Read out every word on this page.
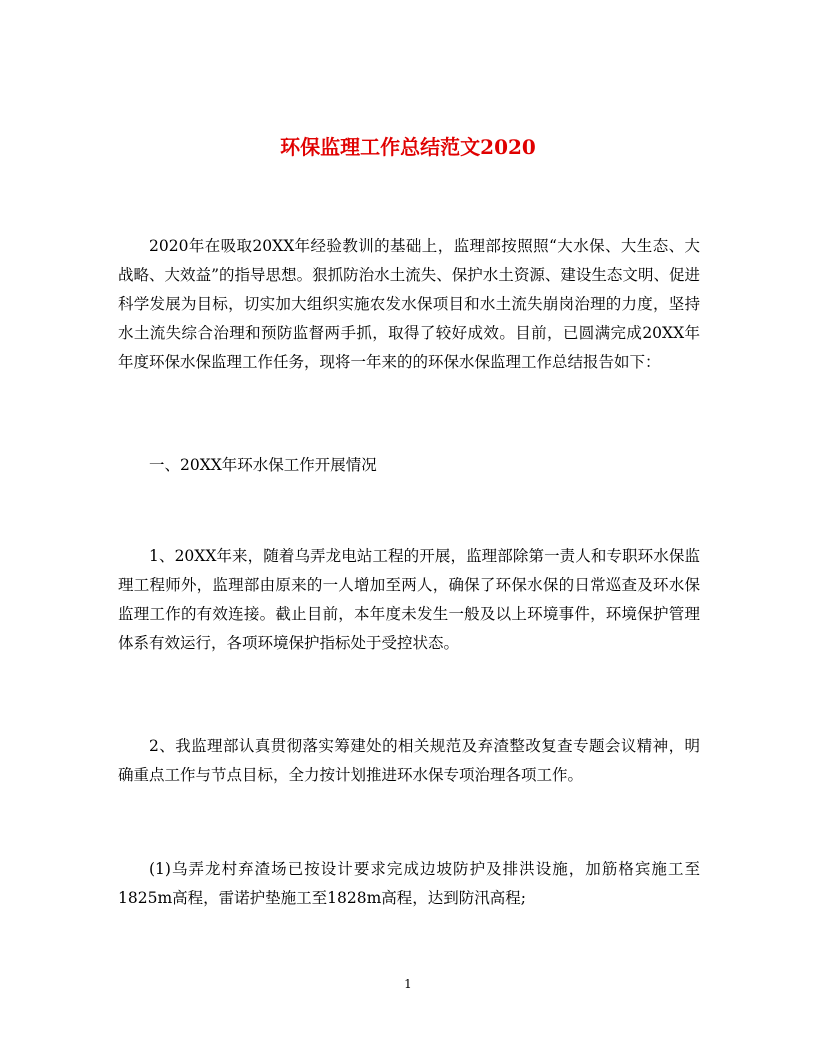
环保监理工作总结范文2020

2020年在吸取20XX年经验教训的基础上，监理部按照照“大水保、大生态、大战略、大效益”的指导思想。狠抓防治水土流失、保护水土资源、建设生态文明、促进科学发展为目标，切实加大组织实施农发水保项目和水土流失崩岗治理的力度，坚持水土流失综合治理和预防监督两手抓，取得了较好成效。目前，已圆满完成20XX年年度环保水保监理工作任务，现将一年来的的环保水保监理工作总结报告如下：

一、20XX年环水保工作开展情况

1、20XX年来，随着乌弄龙电站工程的开展，监理部除第一责人和专职环水保监理工程师外，监理部由原来的一人增加至两人，确保了环保水保的日常巡查及环水保监理工作的有效连接。截止目前，本年度未发生一般及以上环境事件，环境保护管理体系有效运行，各项环境保护指标处于受控状态。

2、我监理部认真贯彻落实筹建处的相关规范及弃渣整改复查专题会议精神，明确重点工作与节点目标，全力按计划推进环水保专项治理各项工作。

(1)乌弄龙村弃渣场已按设计要求完成边坡防护及排洪设施，加筋格宾施工至1825m高程，雷诺护垫施工至1828m高程，达到防汛高程;

1
